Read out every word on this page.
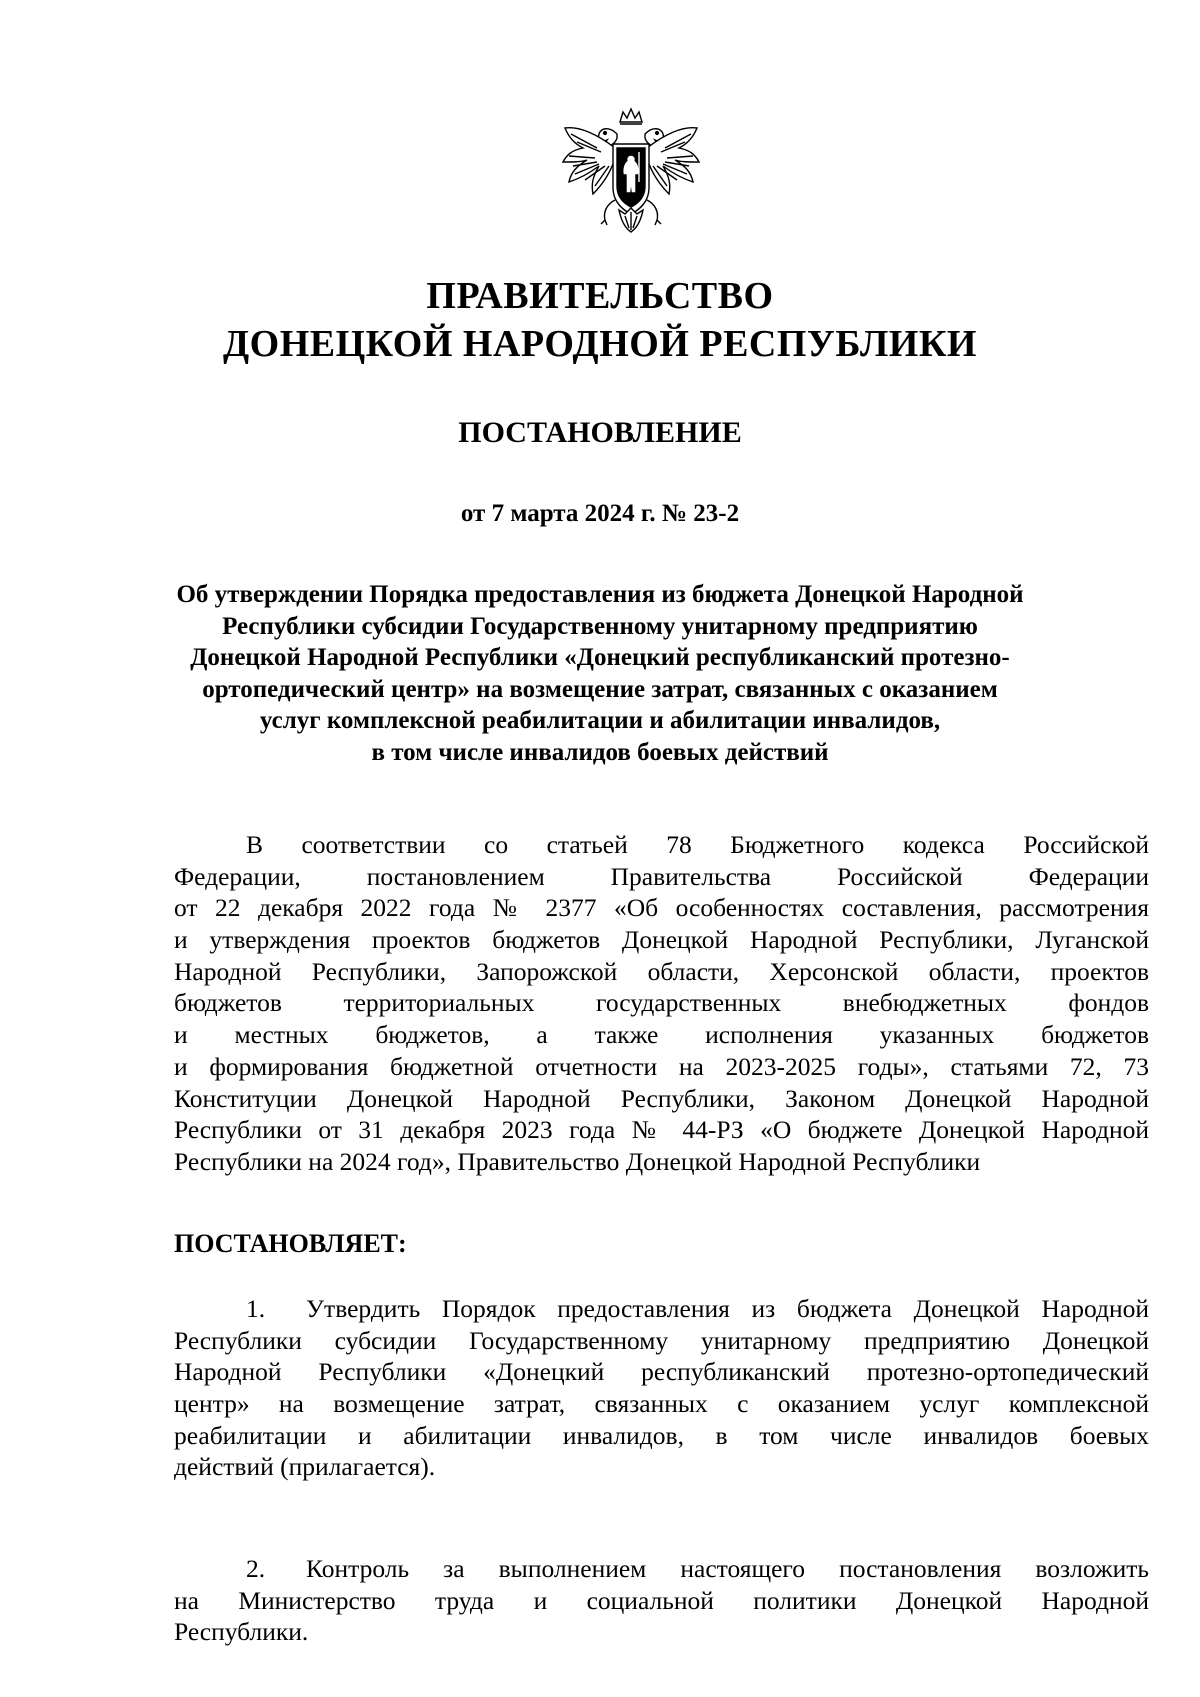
ПРАВИТЕЛЬСТВО
ДОНЕЦКОЙ НАРОДНОЙ РЕСПУБЛИКИ
ПОСТАНОВЛЕНИЕ
от 7 марта 2024 г. № 23-2
Об утверждении Порядка предоставления из бюджета Донецкой Народной
Республики субсидии Государственному унитарному предприятию
Донецкой Народной Республики «Донецкий республиканский протезно-
ортопедический центр» на возмещение затрат, связанных с оказанием
услуг комплексной реабилитации и абилитации инвалидов,
в том числе инвалидов боевых действий
В соответствии со статьей 78 Бюджетного кодекса Российской
Федерации, постановлением Правительства Российской Федерации
от 22 декабря 2022 года № 2377 «Об особенностях составления, рассмотрения
и утверждения проектов бюджетов Донецкой Народной Республики, Луганской
Народной Республики, Запорожской области, Херсонской области, проектов
бюджетов территориальных государственных внебюджетных фондов
и местных бюджетов, а также исполнения указанных бюджетов
и формирования бюджетной отчетности на 2023-2025 годы», статьями 72, 73
Конституции Донецкой Народной Республики, Законом Донецкой Народной
Республики от 31 декабря 2023 года № 44-РЗ «О бюджете Донецкой Народной
Республики на 2024 год», Правительство Донецкой Народной Республики
ПОСТАНОВЛЯЕТ:
1. Утвердить Порядок предоставления из бюджета Донецкой Народной
Республики субсидии Государственному унитарному предприятию Донецкой
Народной Республики «Донецкий республиканский протезно-ортопедический
центр» на возмещение затрат, связанных с оказанием услуг комплексной
реабилитации и абилитации инвалидов, в том числе инвалидов боевых
действий (прилагается).
2. Контроль за выполнением настоящего постановления возложить
на Министерство труда и социальной политики Донецкой Народной
Республики.
